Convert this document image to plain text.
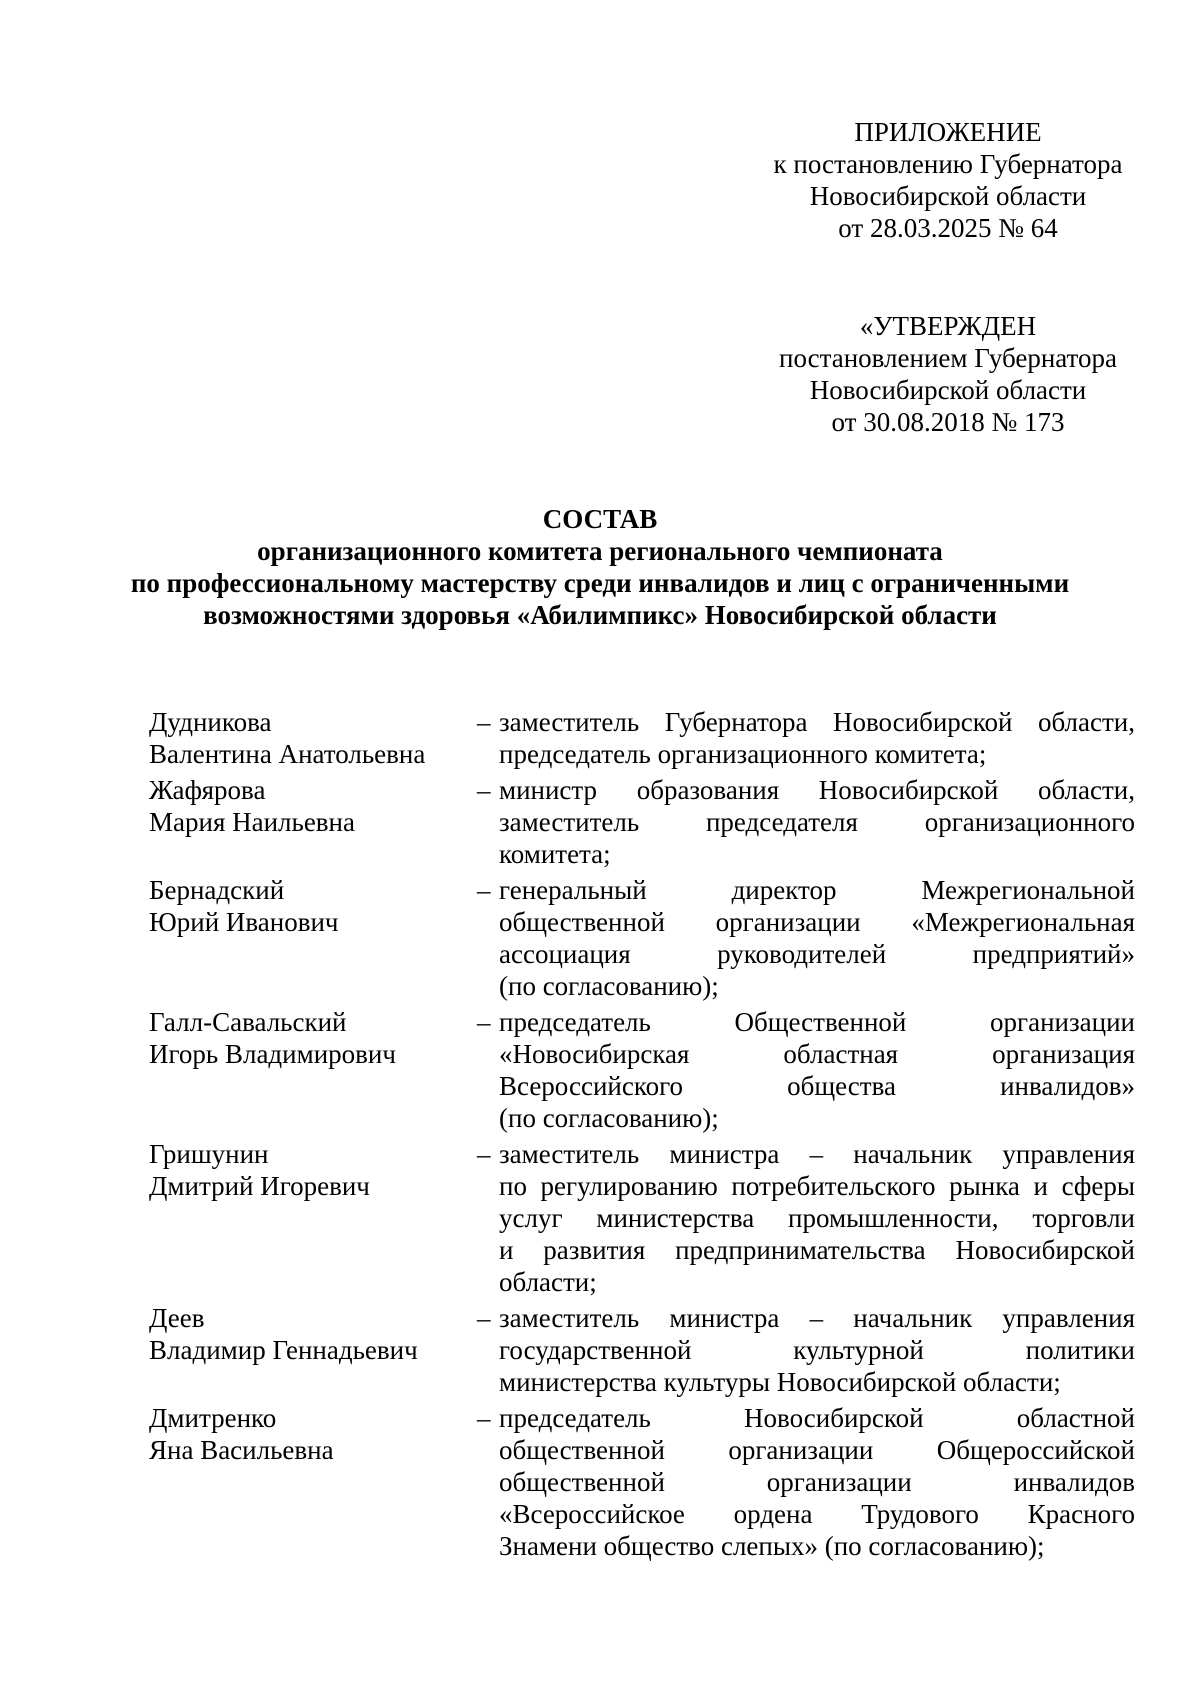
ПРИЛОЖЕНИЕ
к постановлению Губернатора
Новосибирской области
от 28.03.2025 № 64
«УТВЕРЖДЕН
постановлением Губернатора
Новосибирской области
от 30.08.2018 № 173
СОСТАВ
организационного комитета регионального чемпионата
по профессиональному мастерству среди инвалидов и лиц с ограниченными
возможностями здоровья «Абилимпикс» Новосибирской области
Дудникова
Валентина Анатольевна
– заместитель Губернатора Новосибирской области,
председатель организационного комитета;
Жафярова
Мария Наильевна
– министр образования Новосибирской области,
заместитель председателя организационного
комитета;
Бернадский
Юрий Иванович
– генеральный директор Межрегиональной
общественной организации «Межрегиональная
ассоциация руководителей предприятий»
(по согласованию);
Галл-Савальский
Игорь Владимирович
– председатель Общественной организации
«Новосибирская областная организация
Всероссийского общества инвалидов»
(по согласованию);
Гришунин
Дмитрий Игоревич
– заместитель министра – начальник управления
по регулированию потребительского рынка и сферы
услуг министерства промышленности, торговли
и развития предпринимательства Новосибирской
области;
Деев
Владимир Геннадьевич
– заместитель министра – начальник управления
государственной культурной политики
министерства культуры Новосибирской области;
Дмитренко
Яна Васильевна
– председатель Новосибирской областной
общественной организации Общероссийской
общественной организации инвалидов
«Всероссийское ордена Трудового Красного
Знамени общество слепых» (по согласованию);
